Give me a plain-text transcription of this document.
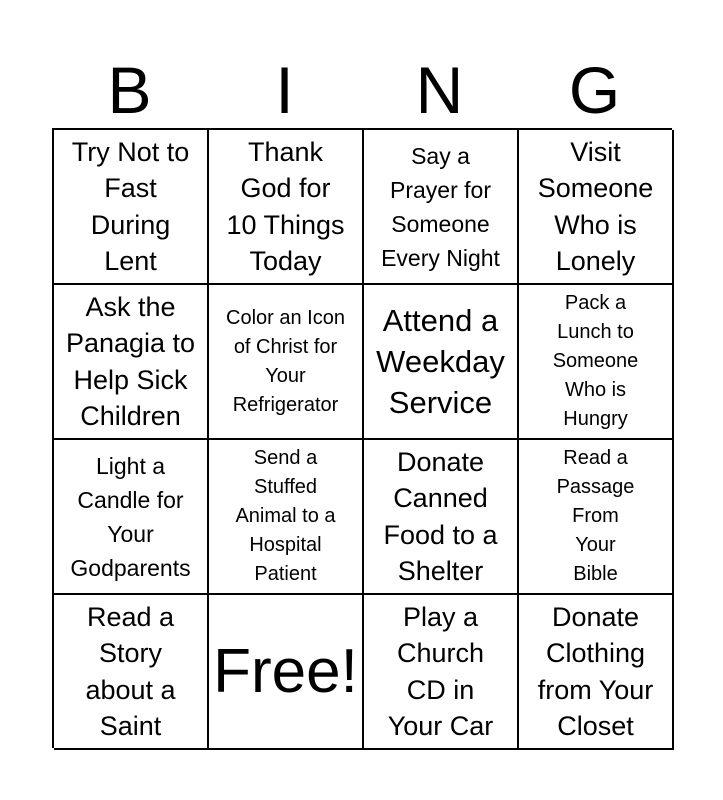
B	I	N	G
Try Not to
Fast
During
Lent
Thank
God for
10 Things
Today
Say a
Prayer for
Someone
Every Night
Visit
Someone
Who is
Lonely
Ask the
Panagia to
Help Sick
Children
Color an Icon
of Christ for
Your
Refrigerator
Attend a
Weekday
Service
Pack a
Lunch to
Someone
Who is
Hungry
Light a
Candle for
Your
Godparents
Send a
Stuffed
Animal to a
Hospital
Patient
Donate
Canned
Food to a
Shelter
Read a
Passage
From
Your
Bible
Read a
Story
about a
Saint
Free!
Play a
Church
CD in
Your Car
Donate
Clothing
from Your
Closet
